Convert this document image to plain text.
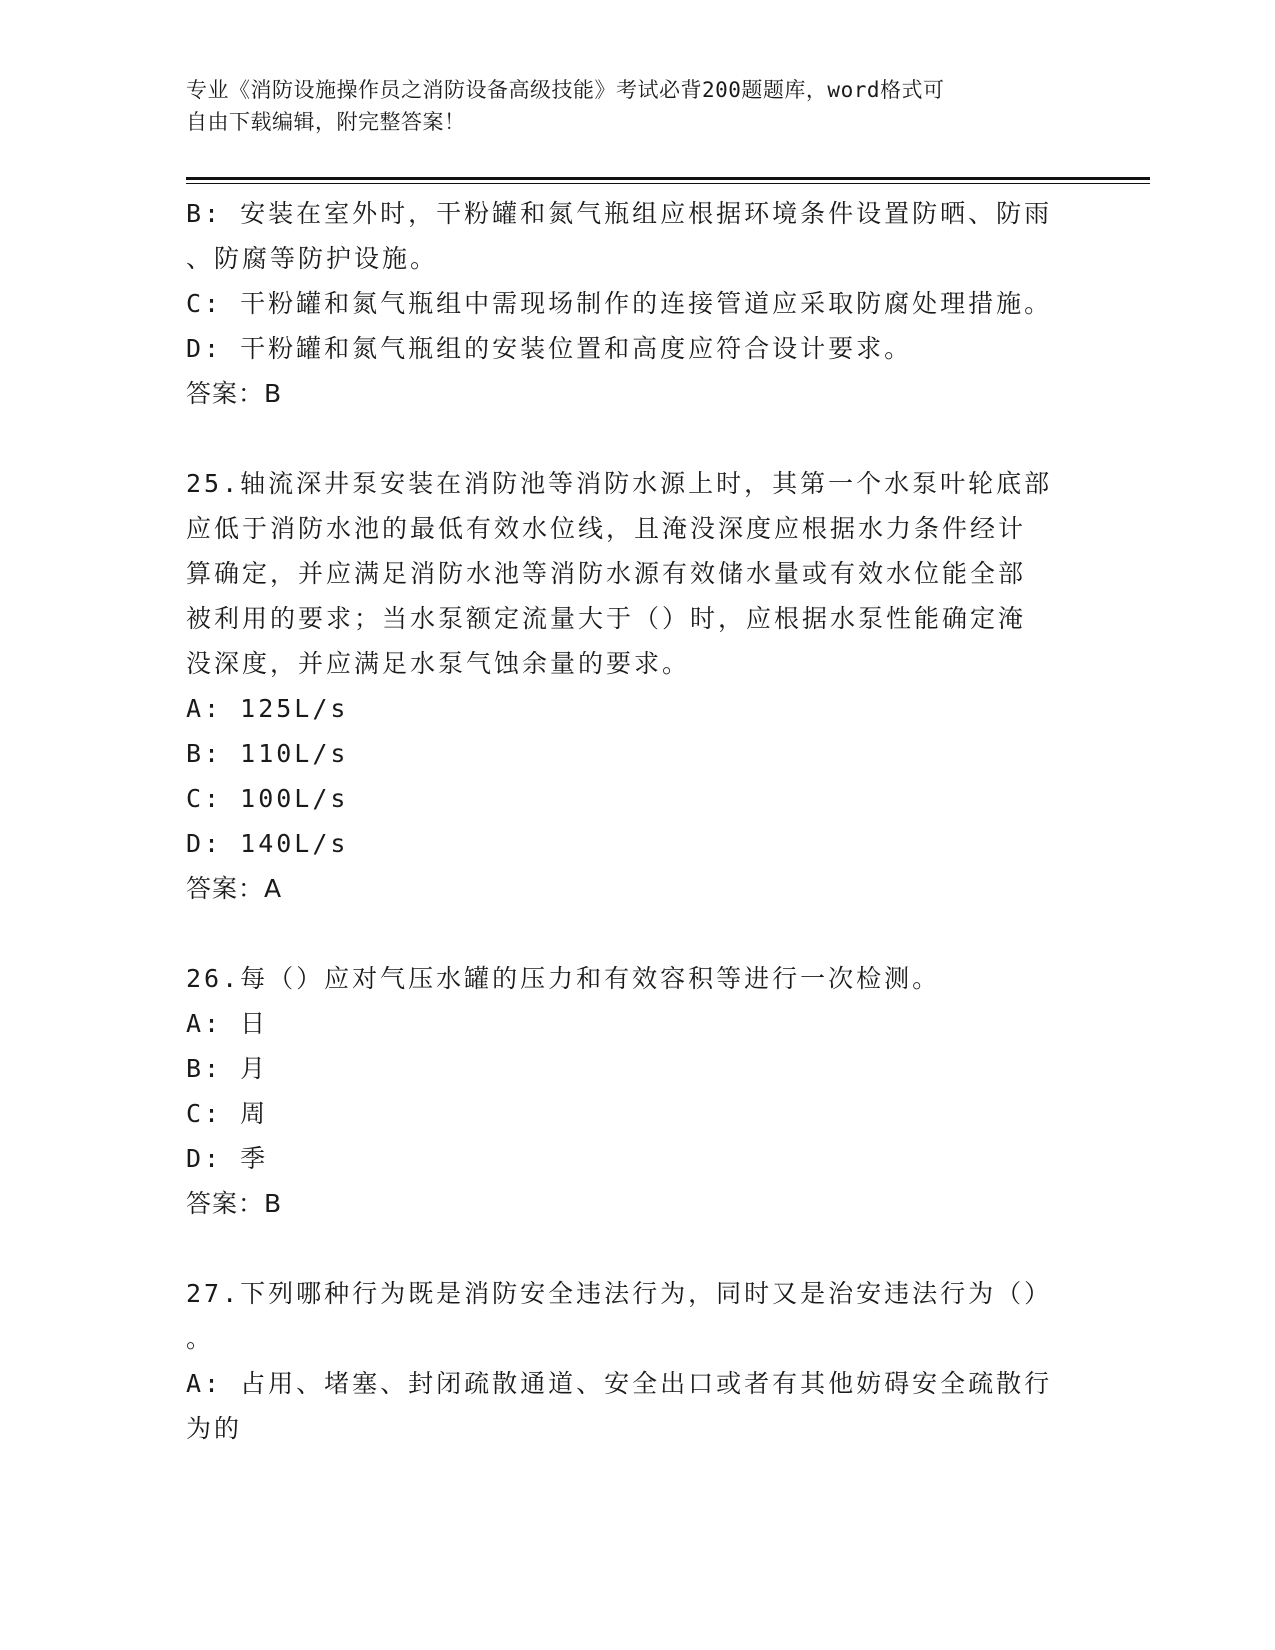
专业《消防设施操作员之消防设备高级技能》考试必背200题题库，word格式可
自由下载编辑，附完整答案！
B: 安装在室外时，干粉罐和氮气瓶组应根据环境条件设置防晒、防雨
、防腐等防护设施。
C: 干粉罐和氮气瓶组中需现场制作的连接管道应采取防腐处理措施。
D: 干粉罐和氮气瓶组的安装位置和高度应符合设计要求。
答案：B
25.轴流深井泵安装在消防池等消防水源上时，其第一个水泵叶轮底部
应低于消防水池的最低有效水位线，且淹没深度应根据水力条件经计
算确定，并应满足消防水池等消防水源有效储水量或有效水位能全部
被利用的要求；当水泵额定流量大于（）时，应根据水泵性能确定淹
没深度，并应满足水泵气蚀余量的要求。
A: 125L/s
B: 110L/s
C: 100L/s
D: 140L/s
答案：A
26.每（）应对气压水罐的压力和有效容积等进行一次检测。
A: 日
B: 月
C: 周
D: 季
答案：B
27.下列哪种行为既是消防安全违法行为，同时又是治安违法行为（）
。
A: 占用、堵塞、封闭疏散通道、安全出口或者有其他妨碍安全疏散行
为的
